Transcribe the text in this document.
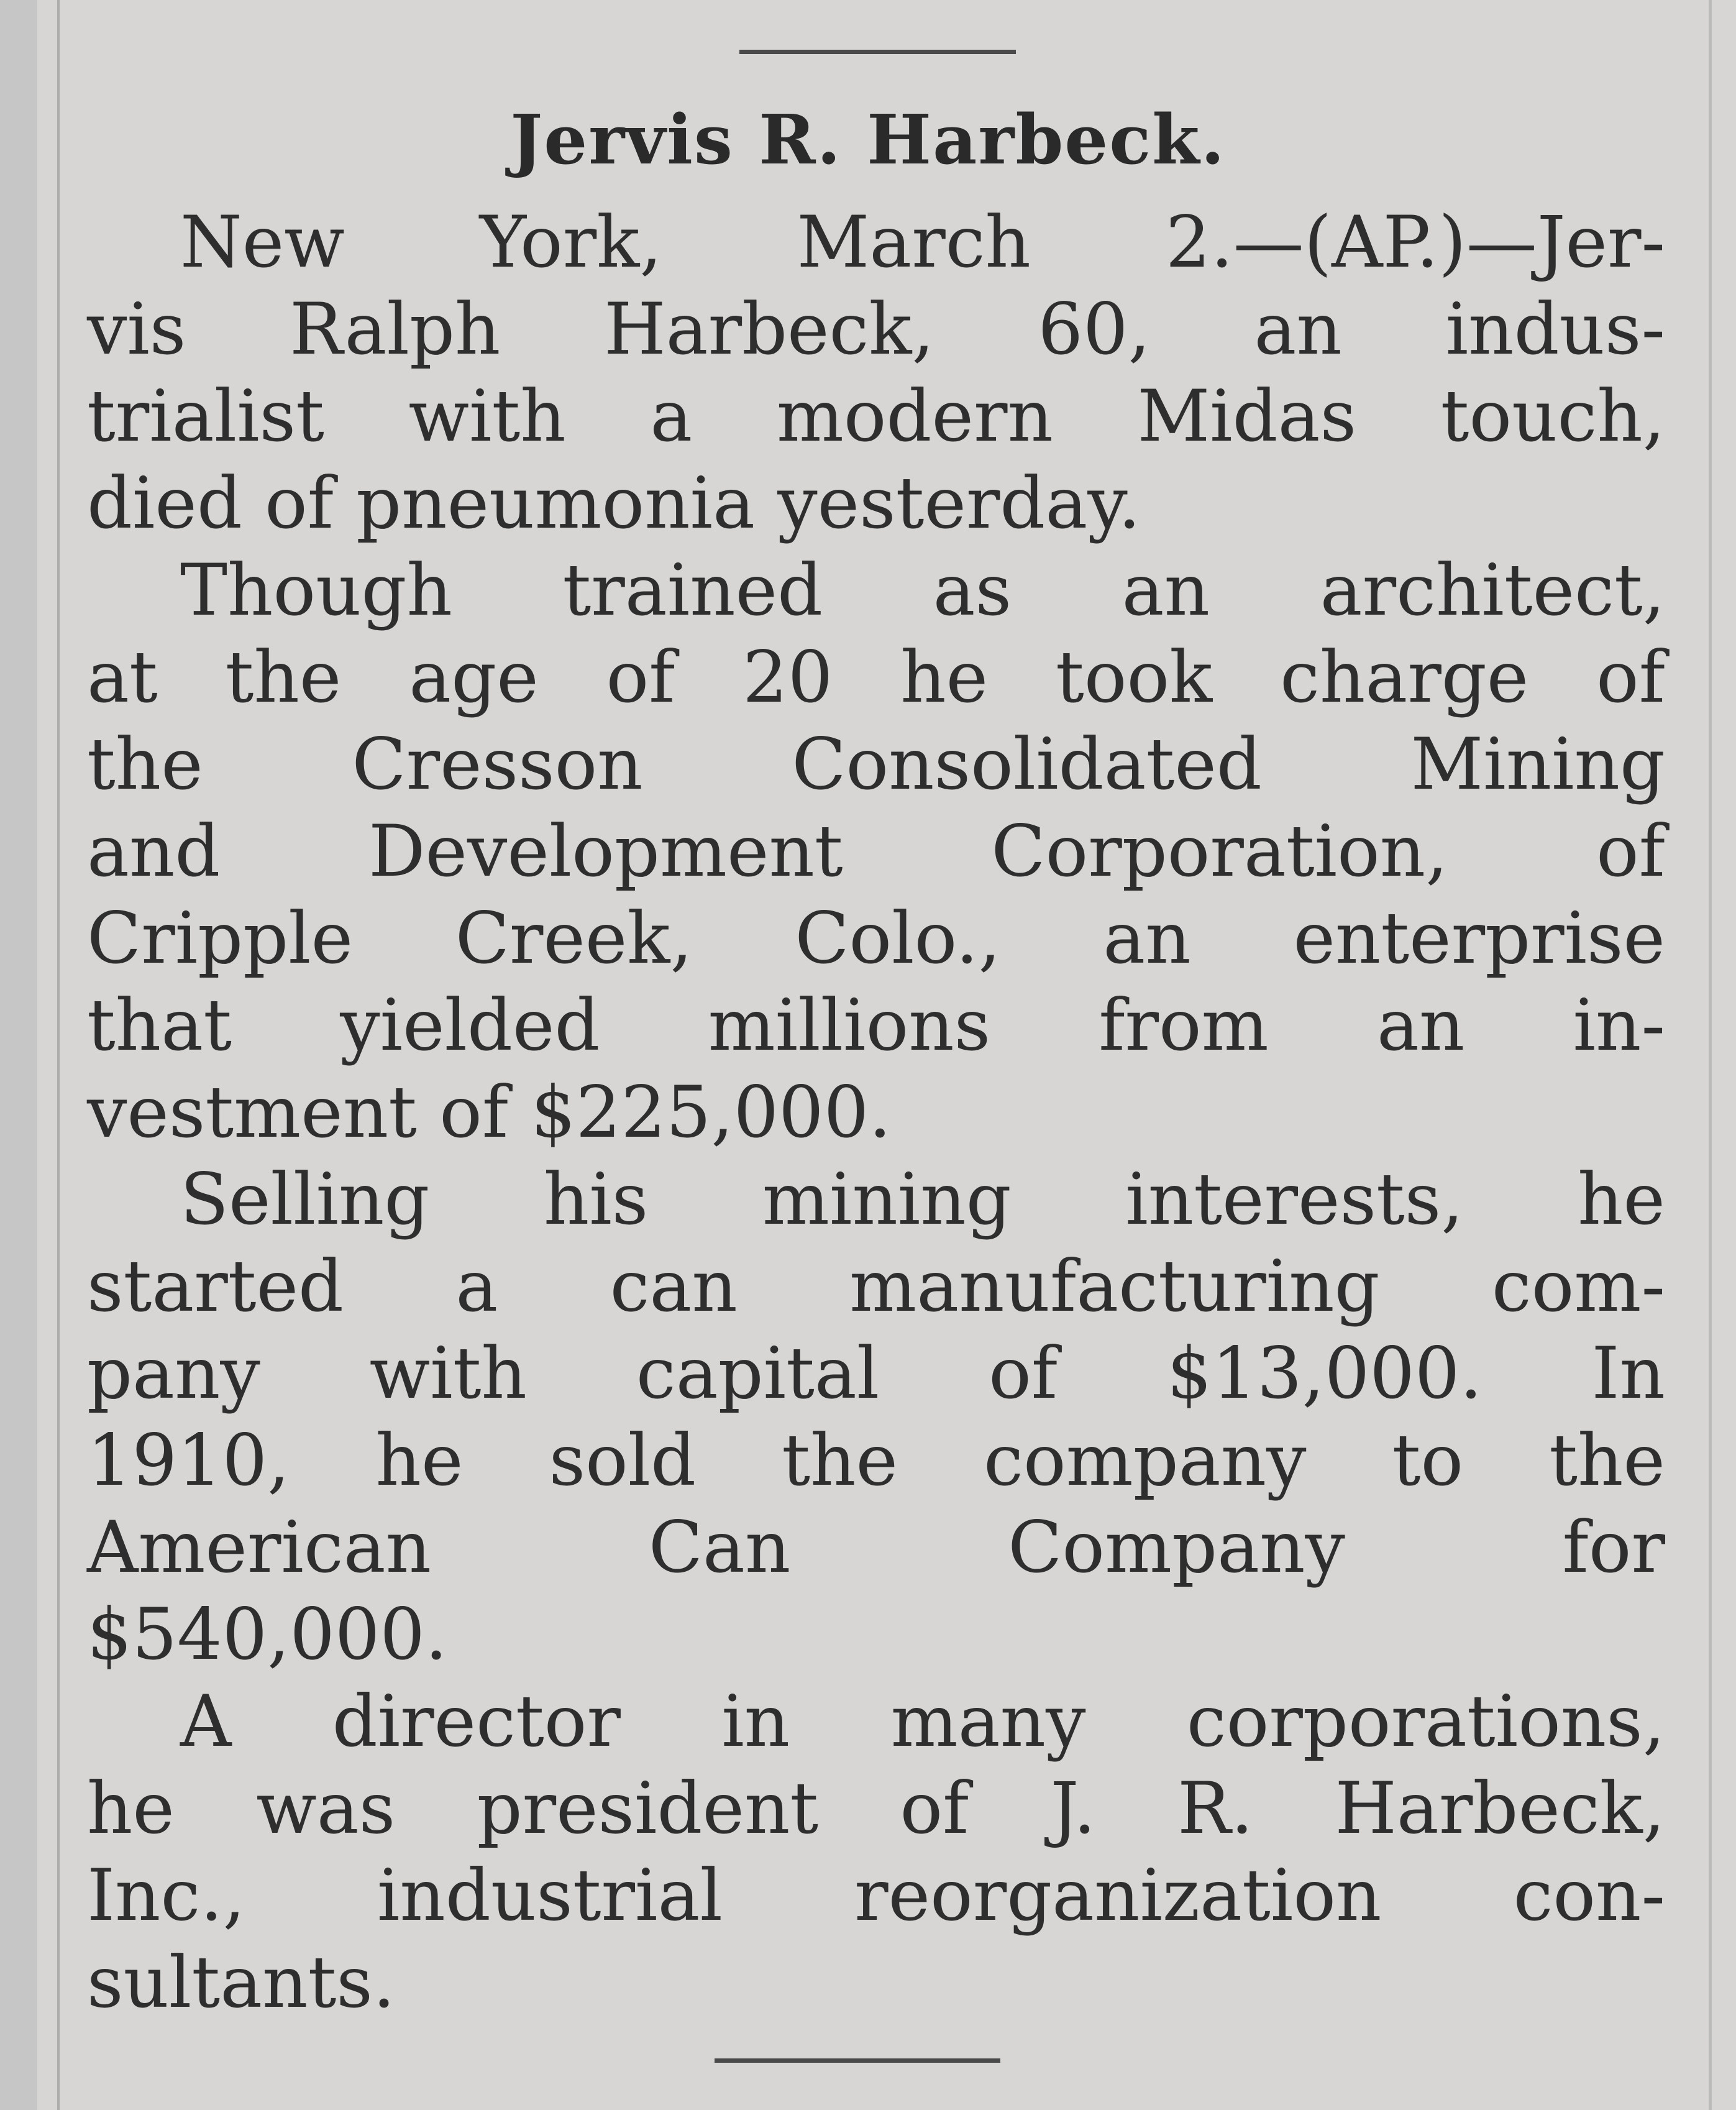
Jervis R. Harbeck.
New York, March 2.—(AP.)—Jer-
vis Ralph Harbeck, 60, an indus-
trialist with a modern Midas touch,
died of pneumonia yesterday.
Though trained as an architect,
at the age of 20 he took charge of
the Cresson Consolidated Mining
and Development Corporation, of
Cripple Creek, Colo., an enterprise
that yielded millions from an in-
vestment of $225,000.
Selling his mining interests, he
started a can manufacturing com-
pany with capital of $13,000. In
1910, he sold the company to the
American Can Company for
$540,000.
A director in many corporations,
he was president of J. R. Harbeck,
Inc., industrial reorganization con-
sultants.
